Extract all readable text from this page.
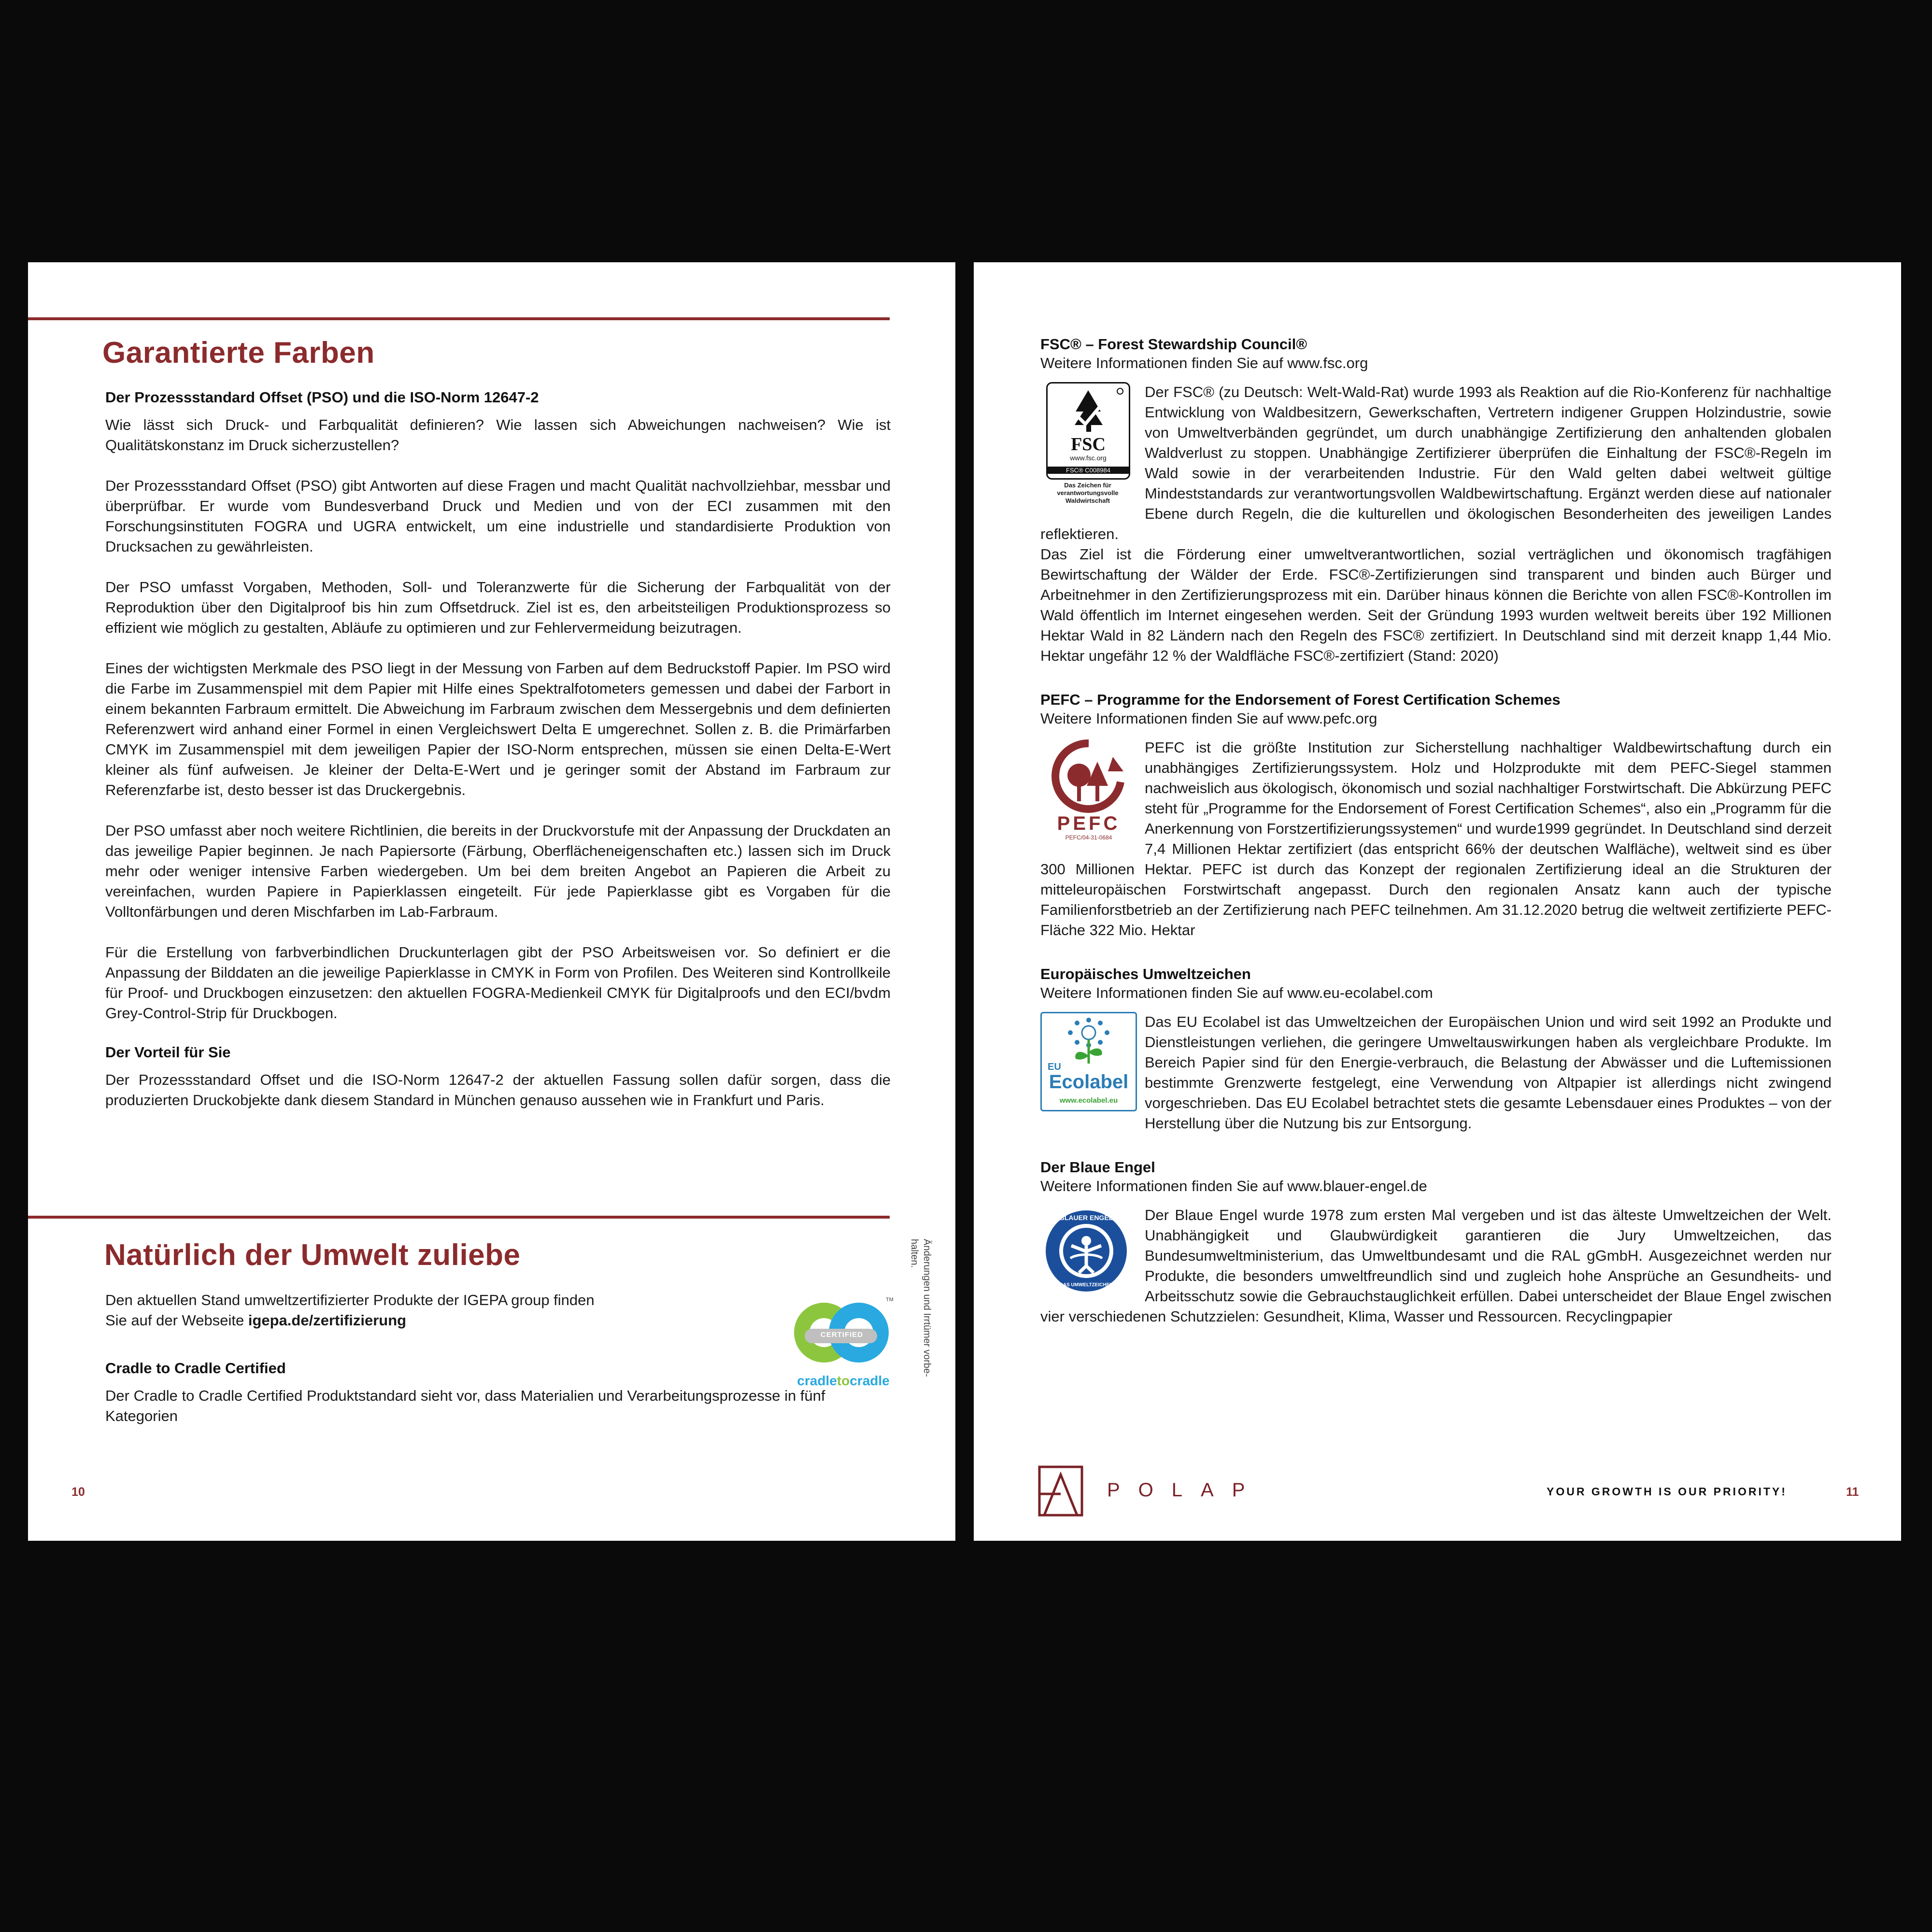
Garantierte Farben
Der Prozessstandard Offset (PSO) und die ISO-Norm 12647-2

Wie lässt sich Druck- und Farbqualität definieren? Wie lassen sich Abweichungen nachweisen? Wie ist Qualitätskonstanz im Druck sicherzustellen?

Der Prozessstandard Offset (PSO) gibt Antworten auf diese Fragen und macht Qualität nachvollziehbar, messbar und überprüfbar. Er wurde vom Bundesverband Druck und Medien und von der ECI zusammen mit den Forschungsinstituten FOGRA und UGRA entwickelt, um eine industrielle und standardisierte Produktion von Drucksachen zu gewährleisten.

Der PSO umfasst Vorgaben, Methoden, Soll- und Toleranzwerte für die Sicherung der Farbqualität von der Reproduktion über den Digitalproof bis hin zum Offsetdruck. Ziel ist es, den arbeitsteiligen Produktionsprozess so effizient wie möglich zu gestalten, Abläufe zu optimieren und zur Fehlervermeidung beizutragen.

Eines der wichtigsten Merkmale des PSO liegt in der Messung von Farben auf dem Bedruckstoff Papier. Im PSO wird die Farbe im Zusammenspiel mit dem Papier mit Hilfe eines Spektralfotometers gemessen und dabei der Farbort in einem bekannten Farbraum ermittelt. Die Abweichung im Farbraum zwischen dem Messergebnis und dem definierten Referenzwert wird anhand einer Formel in einen Vergleichswert Delta E umgerechnet. Sollen z. B. die Primärfarben CMYK im Zusammenspiel mit dem jeweiligen Papier der ISO-Norm entsprechen, müssen sie einen Delta-E-Wert kleiner als fünf aufweisen. Je kleiner der Delta-E-Wert und je geringer somit der Abstand im Farbraum zur Referenzfarbe ist, desto besser ist das Druckergebnis.

Der PSO umfasst aber noch weitere Richtlinien, die bereits in der Druckvorstufe mit der Anpassung der Druckdaten an das jeweilige Papier beginnen. Je nach Papiersorte (Färbung, Oberflächeneigenschaften etc.) lassen sich im Druck mehr oder weniger intensive Farben wiedergeben. Um bei dem breiten Angebot an Papieren die Arbeit zu vereinfachen, wurden Papiere in Papierklassen eingeteilt. Für jede Papierklasse gibt es Vorgaben für die Volltonfärbungen und deren Mischfarben im Lab-Farbraum.

Für die Erstellung von farbverbindlichen Druckunterlagen gibt der PSO Arbeitsweisen vor. So definiert er die Anpassung der Bilddaten an die jeweilige Papierklasse in CMYK in Form von Profilen. Des Weiteren sind Kontrollkeile für Proof- und Druckbogen einzusetzen: den aktuellen FOGRA-Medienkeil CMYK für Digitalproofs und den ECI/bvdm Grey-Control-Strip für Druckbogen.

Der Vorteil für Sie

Der Prozessstandard Offset und die ISO-Norm 12647-2 der aktuellen Fassung sollen dafür sorgen, dass die produzierten Druckobjekte dank diesem Standard in München genauso aussehen wie in Frankfurt und Paris.

Natürlich der Umwelt zuliebe

Den aktuellen Stand umweltzertifizierter Produkte der IGEPA group finden Sie auf der Webseite igepa.de/zertifizierung

Cradle to Cradle Certified

Der Cradle to Cradle Certified Produktstandard sieht vor, dass Materialien und Verarbeitungsprozesse in fünf Kategorien

CERTIFIED
TM
cradletocradle
Änderungen und Irrtümer vorbe-
halten.
10
FSC® – Forest Stewardship Council®

Weitere Informationen finden Sie auf www.fsc.org

FSC
www.fsc.org
FSC® C008984
Das Zeichen für verantwortungsvolle Waldwirtschaft

Der FSC® (zu Deutsch: Welt-Wald-Rat) wurde 1993 als Reaktion auf die Rio-Konferenz für nachhaltige Entwicklung von Waldbesitzern, Gewerkschaften, Vertretern indigener Gruppen Holzindustrie, sowie von Umweltverbänden gegründet, um durch unabhängige Zertifizierung den anhaltenden globalen Waldverlust zu stoppen. Unabhängige Zertifizierer überprüfen die Einhaltung der FSC®-Regeln im Wald sowie in der verarbeitenden Industrie. Für den Wald gelten dabei weltweit gültige Mindeststandards zur verantwortungsvollen Waldbewirtschaftung. Ergänzt werden diese auf nationaler Ebene durch Regeln, die die kulturellen und ökologischen Besonderheiten des jeweiligen Landes reflektieren.

Das Ziel ist die Förderung einer umweltverantwortlichen, sozial verträglichen und ökonomisch tragfähigen Bewirtschaftung der Wälder der Erde. FSC®-Zertifizierungen sind transparent und binden auch Bürger und Arbeitnehmer in den Zertifizierungsprozess mit ein. Darüber hinaus können die Berichte von allen FSC®-Kontrollen im Wald öffentlich im Internet eingesehen werden. Seit der Gründung 1993 wurden weltweit bereits über 192 Millionen Hektar Wald in 82 Ländern nach den Regeln des FSC® zertifiziert. In Deutschland sind mit derzeit knapp 1,44 Mio. Hektar ungefähr 12 % der Waldfläche FSC®-zertifiziert (Stand: 2020)

PEFC – Programme for the Endorsement of Forest Certification Schemes

Weitere Informationen finden Sie auf www.pefc.org

PEFC
PEFC/04-31-0684

PEFC ist die größte Institution zur Sicherstellung nachhaltiger Waldbewirtschaftung durch ein unabhängiges Zertifizierungssystem. Holz und Holzprodukte mit dem PEFC-Siegel stammen nachweislich aus ökologisch, ökonomisch und sozial nachhaltiger Forstwirtschaft. Die Abkürzung PEFC steht für „Programme for the Endorsement of Forest Certification Schemes“, also ein „Programm für die Anerkennung von Forstzertifizierungssystemen“ und wurde1999 gegründet. In Deutschland sind derzeit 7,4 Millionen Hektar zertifiziert (das entspricht 66% der deutschen Walfläche), weltweit sind es über 300 Millionen Hektar. PEFC ist durch das Konzept der regionalen Zertifizierung ideal an die Strukturen der mitteleuropäischen Forstwirtschaft angepasst. Durch den regionalen Ansatz kann auch der typische Familienforstbetrieb an der Zertifizierung nach PEFC teilnehmen. Am 31.12.2020 betrug die weltweit zertifizierte PEFC-Fläche 322 Mio. Hektar

Europäisches Umweltzeichen

Weitere Informationen finden Sie auf www.eu-ecolabel.com

EU
Ecolabel
www.ecolabel.eu

Das EU Ecolabel ist das Umweltzeichen der Europäischen Union und wird seit 1992 an Produkte und Dienstleistungen verliehen, die geringere Umweltauswirkungen haben als vergleichbare Produkte. Im Bereich Papier sind für den Energie-verbrauch, die Belastung der Abwässer und die Luftemissionen bestimmte Grenzwerte festgelegt, eine Verwendung von Altpapier ist allerdings nicht zwingend vorgeschrieben. Das EU Ecolabel betrachtet stets die gesamte Lebensdauer eines Produktes – von der Herstellung über die Nutzung bis zur Entsorgung.

Der Blaue Engel

Weitere Informationen finden Sie auf www.blauer-engel.de

BLAUER ENGEL
DAS UMWELTZEICHEN

Der Blaue Engel wurde 1978 zum ersten Mal vergeben und ist das älteste Umweltzeichen der Welt. Unabhängigkeit und Glaubwürdigkeit garantieren die Jury Umweltzeichen, das Bundesumweltministerium, das Umweltbundesamt und die RAL gGmbH. Ausgezeichnet werden nur Produkte, die besonders umweltfreundlich sind und zugleich hohe Ansprüche an Gesundheits- und Arbeitsschutz sowie die Gebrauchstauglichkeit erfüllen. Dabei unterscheidet der Blaue Engel zwischen vier verschiedenen Schutzzielen: Gesundheit, Klima, Wasser und Ressourcen. Recyclingpapier

POLAP	YOUR GROWTH IS OUR PRIORITY!	11
